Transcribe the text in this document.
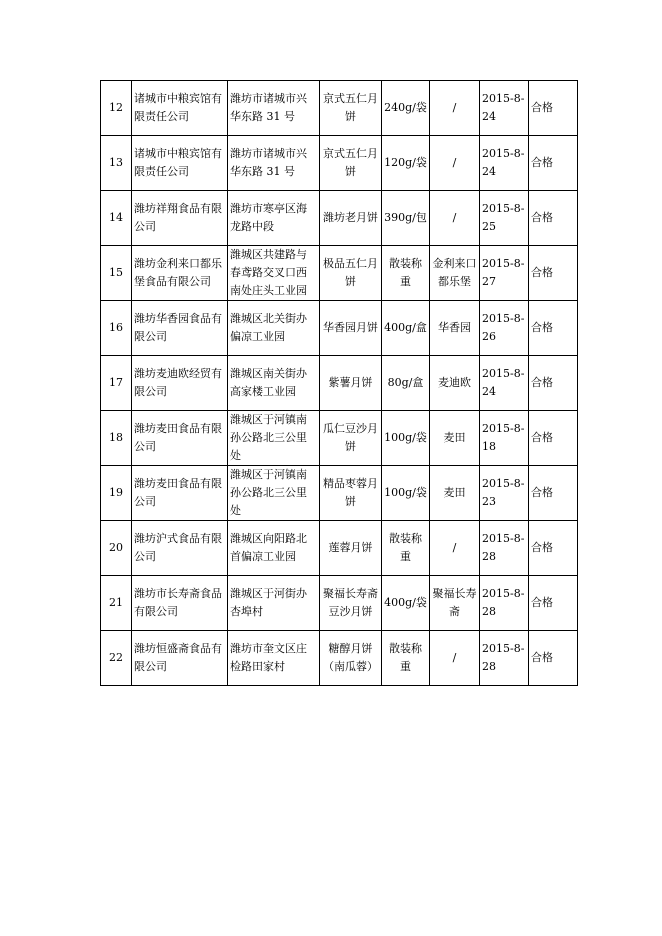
12	诸城市中粮宾馆有限责任公司	潍坊市诸城市兴华东路 31 号	京式五仁月饼	240g/袋	/	2015-8-24	合格
13	诸城市中粮宾馆有限责任公司	潍坊市诸城市兴华东路 31 号	京式五仁月饼	120g/袋	/	2015-8-24	合格
14	潍坊祥翔食品有限公司	潍坊市寒亭区海龙路中段	潍坊老月饼	390g/包	/	2015-8-25	合格
15	潍坊金利来口都乐堡食品有限公司	潍城区共建路与春鸢路交叉口西南处庄头工业园	极品五仁月饼	散装称重	金利来口都乐堡	2015-8-27	合格
16	潍坊华香园食品有限公司	潍城区北关街办偏凉工业园	华香园月饼	400g/盒	华香园	2015-8-26	合格
17	潍坊麦迪欧经贸有限公司	潍城区南关街办高家楼工业园	紫薯月饼	80g/盒	麦迪欧	2015-8-24	合格
18	潍坊麦田食品有限公司	潍城区于河镇南孙公路北三公里处	瓜仁豆沙月饼	100g/袋	麦田	2015-8-18	合格
19	潍坊麦田食品有限公司	潍城区于河镇南孙公路北三公里处	精品枣蓉月饼	100g/袋	麦田	2015-8-23	合格
20	潍坊沪式食品有限公司	潍城区向阳路北首偏凉工业园	莲蓉月饼	散装称重	/	2015-8-28	合格
21	潍坊市长寿斋食品有限公司	潍城区于河街办杏埠村	聚福长寿斋豆沙月饼	400g/袋	聚福长寿斋	2015-8-28	合格
22	潍坊恒盛斋食品有限公司	潍坊市奎文区庄检路田家村	糖醇月饼（南瓜蓉）	散装称重	/	2015-8-28	合格
